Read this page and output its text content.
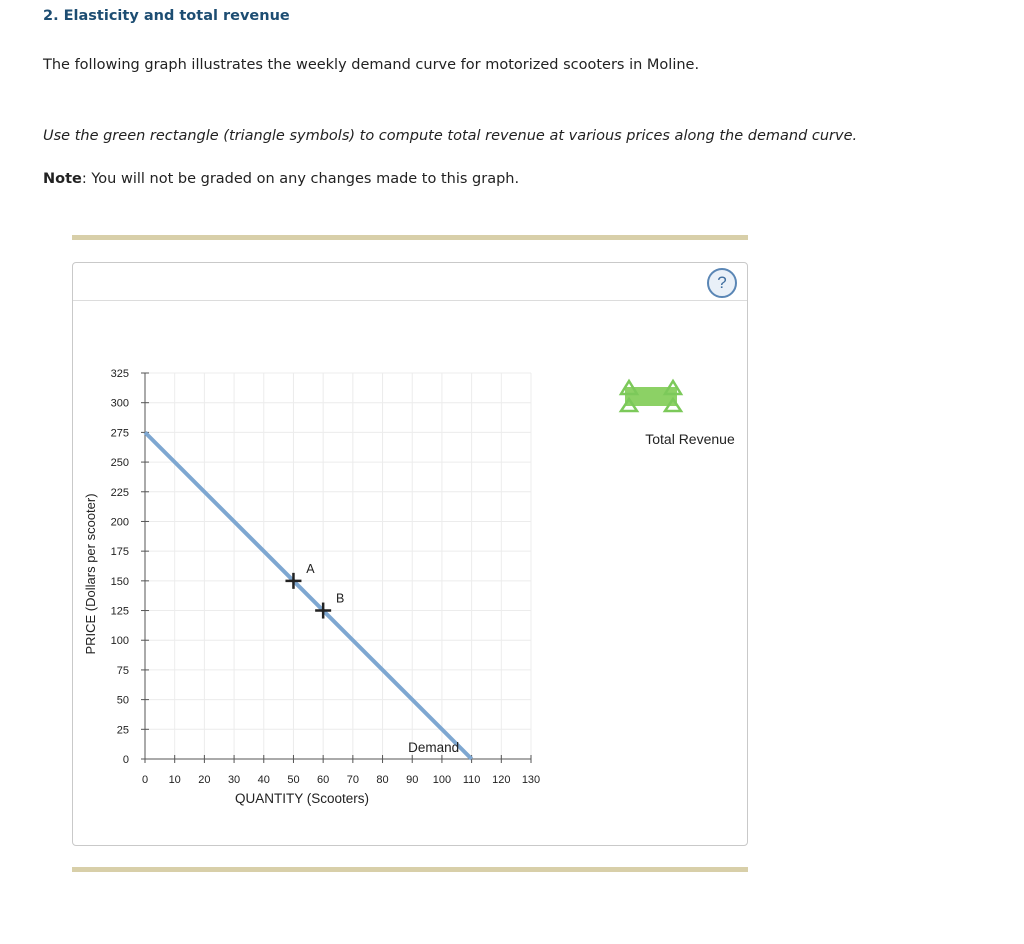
2. Elasticity and total revenue
The following graph illustrates the weekly demand curve for motorized scooters in Moline.
Use the green rectangle (triangle symbols) to compute total revenue at various prices along the demand curve.
Note: You will not be graded on any changes made to this graph.
?
0
25
50
75
100
125
150
175
200
225
250
275
300
325
0 10 20 30 40 50 60 70 80 90 100 110 120 130
A
B
PRICE (Dollars per scooter)
QUANTITY (Scooters)
Demand
Total Revenue
